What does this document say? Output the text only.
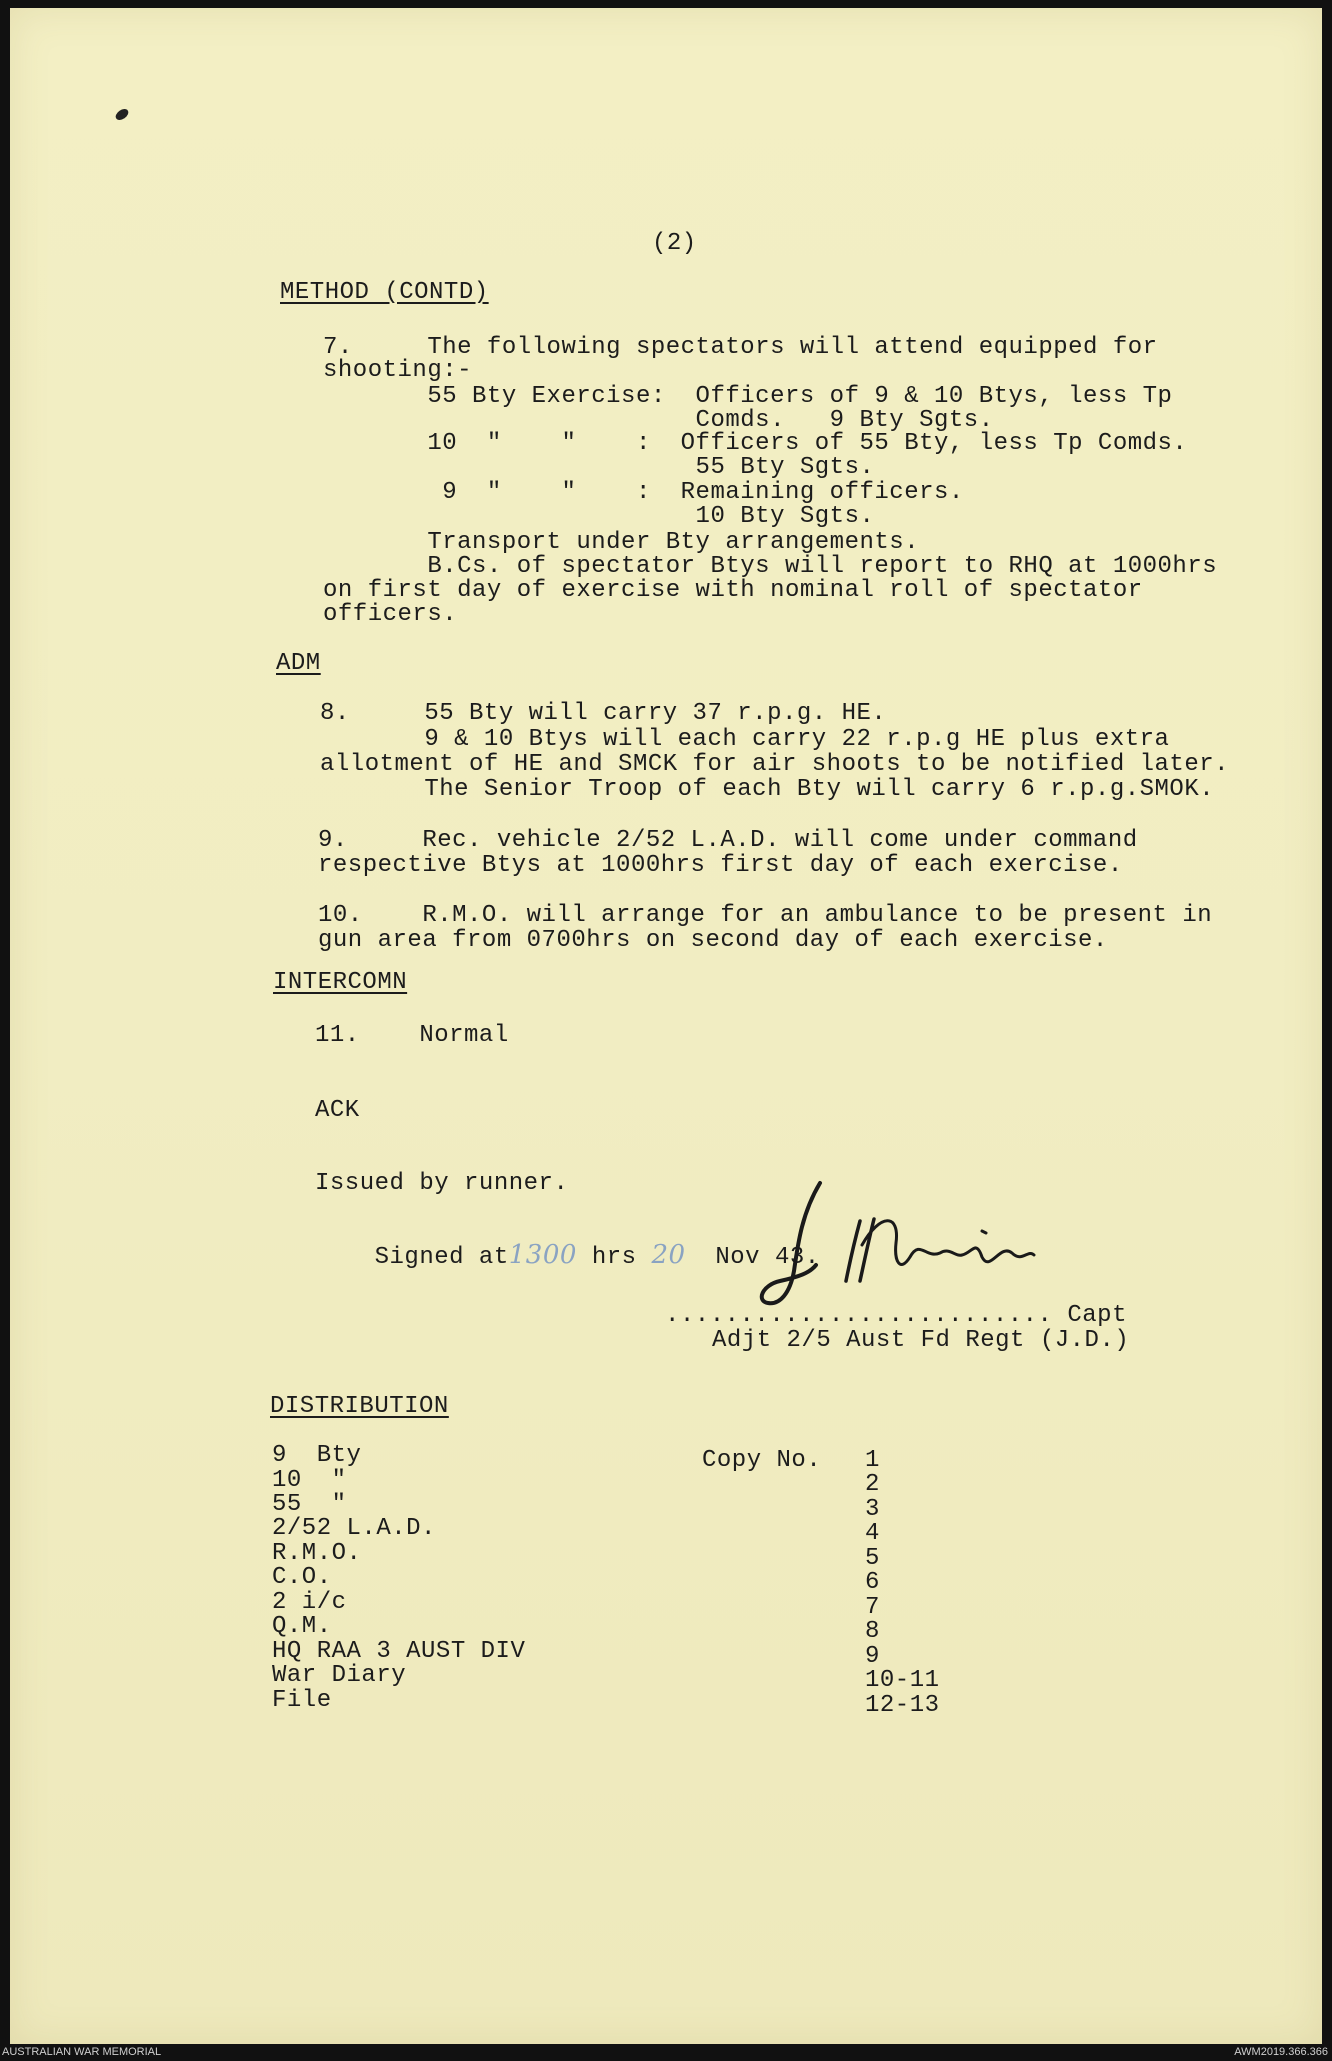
(2)
METHOD (CONTD)
7.     The following spectators will attend equipped for
shooting:-
55 Bty Exercise:  Officers of 9 & 10 Btys, less Tp
Comds.   9 Bty Sgts.
10  "    "    :  Officers of 55 Bty, less Tp Comds.
55 Bty Sgts.
9  "    "    :  Remaining officers.
10 Bty Sgts.
Transport under Bty arrangements.
B.Cs. of spectator Btys will report to RHQ at 1000hrs
on first day of exercise with nominal roll of spectator
officers.
ADM
8.     55 Bty will carry 37 r.p.g. HE.
9 & 10 Btys will each carry 22 r.p.g HE plus extra
allotment of HE and SMCK for air shoots to be notified later.
The Senior Troop of each Bty will carry 6 r.p.g.SMOK.
9.     Rec. vehicle 2/52 L.A.D. will come under command
respective Btys at 1000hrs first day of each exercise.
10.    R.M.O. will arrange for an ambulance to be present in
gun area from 0700hrs on second day of each exercise.
INTERCOMN
11.    Normal
ACK
Issued by runner.

Signed at1300 hrs 20 Nov 43.

.......................... Capt
Adjt 2/5 Aust Fd Regt (J.D.)
DISTRIBUTION
Copy No.
9  Bty
10  "
55  "
2/52 L.A.D.
R.M.O.
C.O.
2 i/c
Q.M.
HQ RAA 3 AUST DIV
War Diary
File
1
2
3
4
5
6
7
8
9
10-11
12-13
AUSTRALIAN WAR MEMORIAL	AWM2019.366.366
